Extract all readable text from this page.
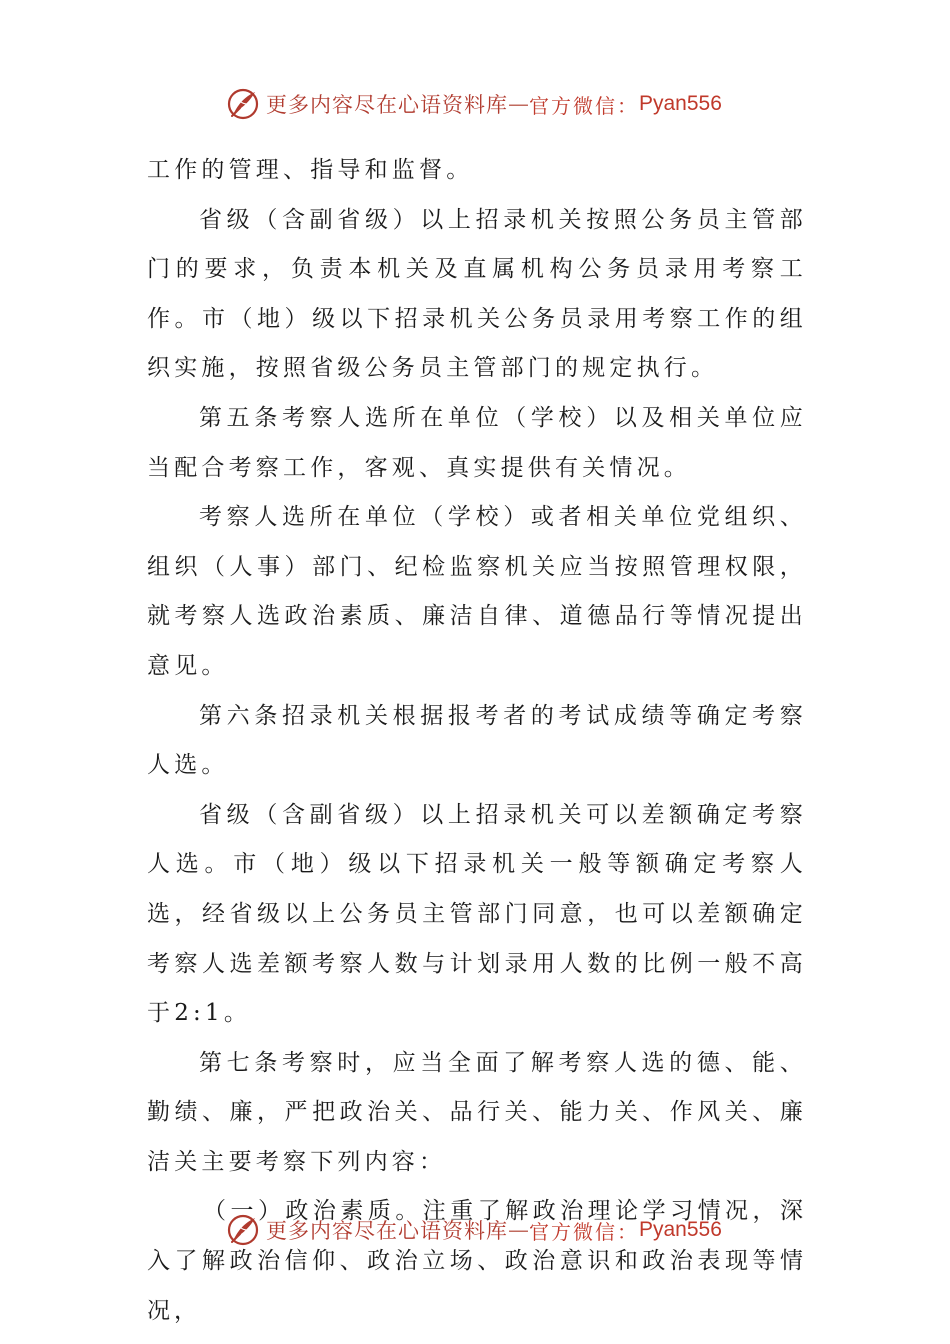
更多内容尽在心语资料库 — 官方微信： Pyan556

工作的管理、指导和监督。

省级（含副省级）以上招录机关按照公务员主管部门的要求，负责本机关及直属机构公务员录用考察工作。市（地）级以下招录机关公务员录用考察工作的组织实施，按照省级公务员主管部门的规定执行。

第五条考察人选所在单位（学校）以及相关单位应当配合考察工作，客观、真实提供有关情况。

考察人选所在单位（学校）或者相关单位党组织、组织（人事）部门、纪检监察机关应当按照管理权限，就考察人选政治素质、廉洁自律、道德品行等情况提出意见。

第六条招录机关根据报考者的考试成绩等确定考察人选。

省级（含副省级）以上招录机关可以差额确定考察人选。市（地）级以下招录机关一般等额确定考察人选，经省级以上公务员主管部门同意，也可以差额确定考察人选差额考察人数与计划录用人数的比例一般不高于2:1。

第七条考察时，应当全面了解考察人选的德、能、勤绩、廉，严把政治关、品行关、能力关、作风关、廉洁关主要考察下列内容：

（一）政治素质。注重了解政治理论学习情况，深入了解政治信仰、政治立场、政治意识和政治表现等情况，

更多内容尽在心语资料库 — 官方微信： Pyan556
